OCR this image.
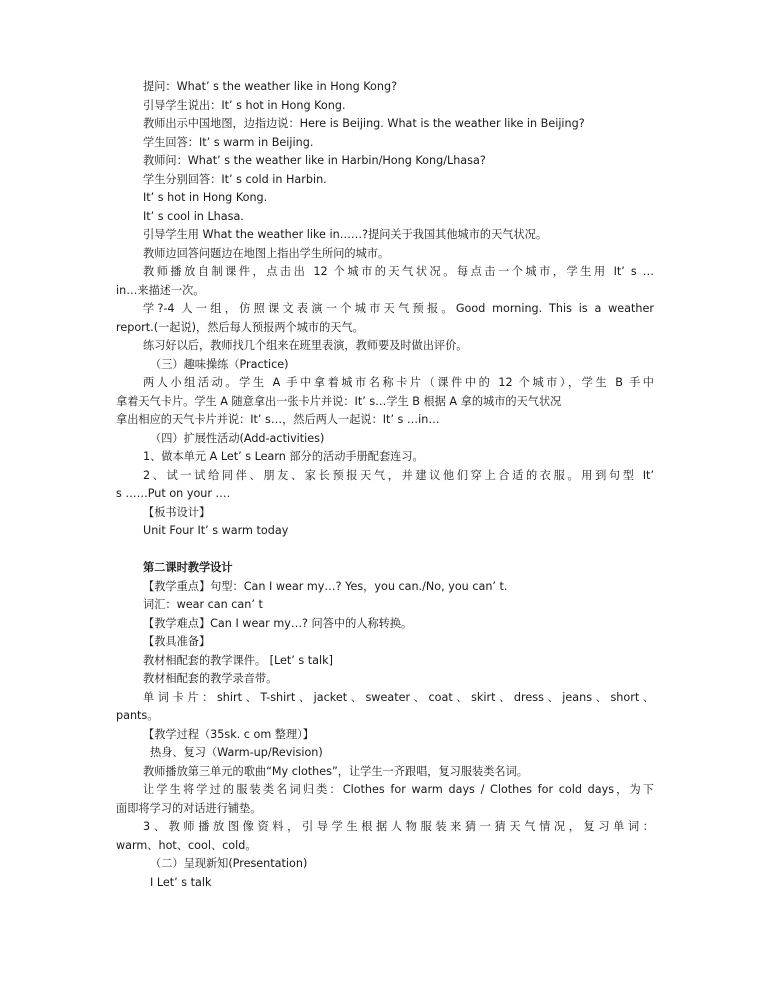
提问：What’ s the weather like in Hong Kong?
引导学生说出：It’ s hot in Hong Kong.
教师出示中国地图，边指边说：Here is Beijing. What is the weather like in Beijing?
学生回答：It’ s warm in Beijing.
教师问：What’ s the weather like in Harbin/Hong Kong/Lhasa?
学生分别回答：It’ s cold in Harbin.
It’ s hot in Hong Kong.
It’ s cool in Lhasa.
引导学生用 What the weather like in……?提问关于我国其他城市的天气状况。
教师边回答问题边在地图上指出学生所问的城市。
教师播放自制课件，点击出 12 个城市的天气状况。每点击一个城市，学生用 It’ s …
in…来描述一次。
学?-4 人一组，仿照课文表演一个城市天气预报。Good morning. This is a weather
report.(一起说)，然后每人预报两个城市的天气。
练习好以后，教师找几个组来在班里表演，教师要及时做出评价。
（三）趣味操练（Practice)
两人小组活动。学生 A 手中拿着城市名称卡片（课件中的 12 个城市），学生 B 手中
拿着天气卡片。学生 A 随意拿出一张卡片并说：It’ s…学生 B 根据 A 拿的城市的天气状况
拿出相应的天气卡片并说：It’ s…，然后两人一起说：It’ s …in…
（四）扩展性活动(Add-activities)
1、做本单元 A Let’ s Learn 部分的活动手册配套连习。
2、试一试给同伴、朋友、家长预报天气，并建议他们穿上合适的衣服。用到句型 It’
s ……Put on your .…
【板书设计】
Unit Four It’ s warm today
第二课时教学设计
【教学重点】句型：Can I wear my…? Yes，you can./No, you can’ t.
词汇：wear can can’ t
【教学难点】Can I wear my…? 问答中的人称转换。
【教具准备】
教材相配套的教学课件。 [Let’ s talk]
教材相配套的教学录音带。
单词卡片：shirt、T-shirt、jacket、sweater、coat、skirt、dress、jeans、short、
pants。
【教学过程（35sk. c om 整理）】
热身、复习（Warm-up/Revision)
教师播放第三单元的歌曲“My clothes”，让学生一齐跟唱，复习服装类名词。
让学生将学过的服装类名词归类：Clothes for warm days / Clothes for cold days，为下
面即将学习的对话进行铺垫。
3、教师播放图像资料，引导学生根据人物服装来猜一猜天气情况，复习单词：
warm、hot、cool、cold。
（二）呈现新知(Presentation)
I Let’ s talk
